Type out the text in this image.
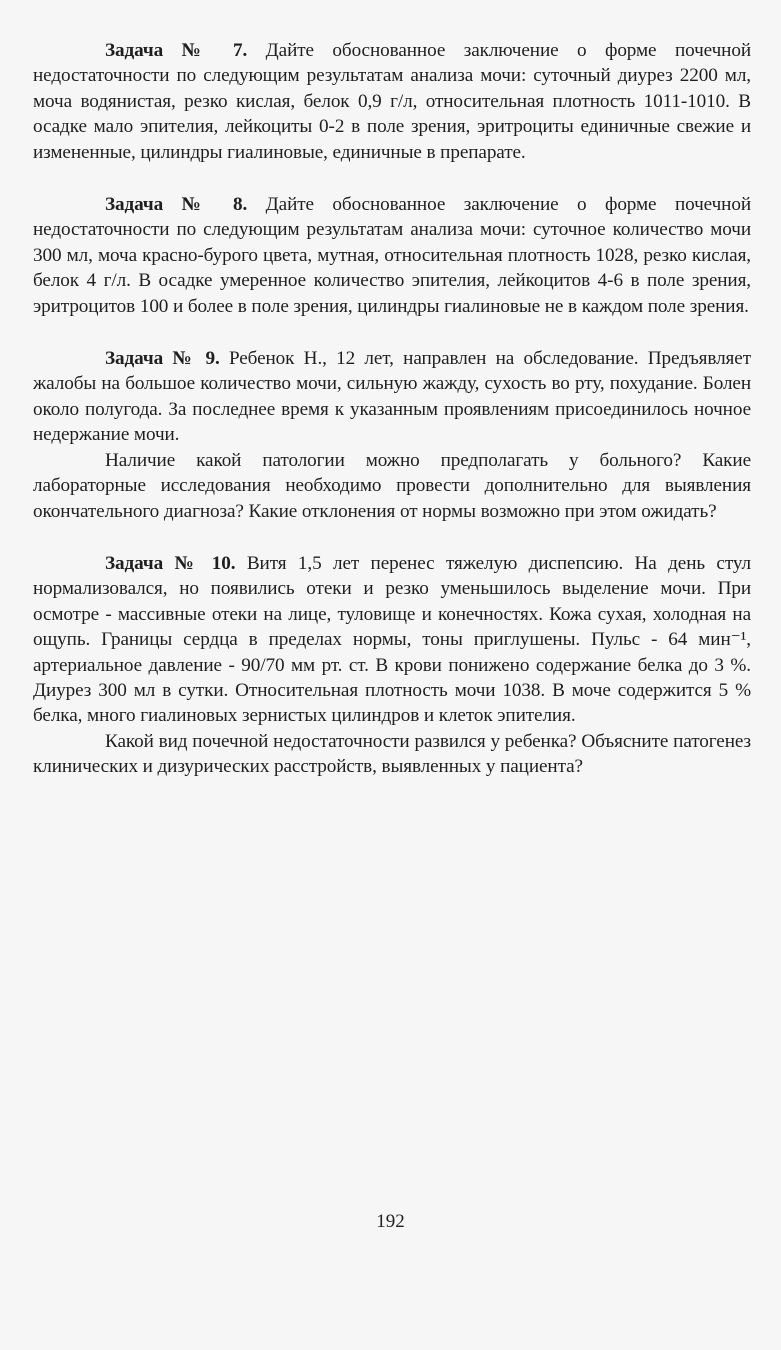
Задача № 7. Дайте обоснованное заключение о форме почечной недостаточности по следующим результатам анализа мочи: суточный диурез 2200 мл, моча водянистая, резко кислая, белок 0,9 г/л, относительная плотность 1011-1010. В осадке мало эпителия, лейкоциты 0-2 в поле зрения, эритроциты единичные свежие и измененные, цилиндры гиалиновые, единичные в препарате.

Задача № 8. Дайте обоснованное заключение о форме почечной недостаточности по следующим результатам анализа мочи: суточное количество мочи 300 мл, моча красно-бурого цвета, мутная, относительная плотность 1028, резко кислая, белок 4 г/л. В осадке умеренное количество эпителия, лейкоцитов 4-6 в поле зрения, эритроцитов 100 и более в поле зрения, цилиндры гиалиновые не в каждом поле зрения.

Задача № 9. Ребенок Н., 12 лет, направлен на обследование. Предъявляет жалобы на большое количество мочи, сильную жажду, сухость во рту, похудание. Болен около полугода. За последнее время к указанным проявлениям присоединилось ночное недержание мочи.

Наличие какой патологии можно предполагать у больного? Какие лабораторные исследования необходимо провести дополнительно для выявления окончательного диагноза? Какие отклонения от нормы возможно при этом ожидать?

Задача № 10. Витя 1,5 лет перенес тяжелую диспепсию. На день стул нормализовался, но появились отеки и резко уменьшилось выделение мочи. При осмотре - массивные отеки на лице, туловище и конечностях. Кожа сухая, холодная на ощупь. Границы сердца в пределах нормы, тоны приглушены. Пульс - 64 мин⁻¹, артериальное давление - 90/70 мм рт. ст. В крови понижено содержание белка до 3 %. Диурез 300 мл в сутки. Относительная плотность мочи 1038. В моче содержится 5 % белка, много гиалиновых зернистых цилиндров и клеток эпителия.

Какой вид почечной недостаточности развился у ребенка? Объясните патогенез клинических и дизурических расстройств, выявленных у пациента?

192
